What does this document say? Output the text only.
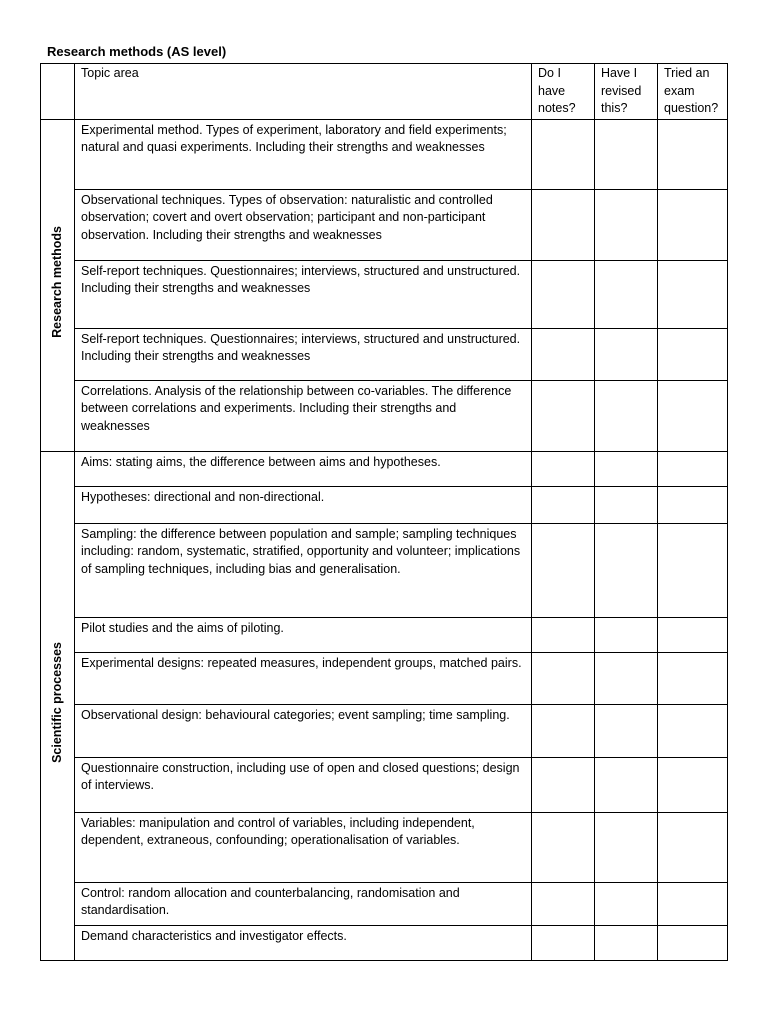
Research methods (AS level)
	Topic area	Do I have notes?	Have I revised this?	Tried an exam question?
Research methods	Experimental method. Types of experiment, laboratory and field experiments; natural and quasi experiments. Including their strengths and weaknesses			
	Observational techniques. Types of observation: naturalistic and controlled observation; covert and overt observation; participant and non-participant observation. Including their strengths and weaknesses			
	Self-report techniques. Questionnaires; interviews, structured and unstructured. Including their strengths and weaknesses			
	Self-report techniques. Questionnaires; interviews, structured and unstructured. Including their strengths and weaknesses			
	Correlations. Analysis of the relationship between co-variables. The difference between correlations and experiments. Including their strengths and weaknesses			
Scientific processes	Aims: stating aims, the difference between aims and hypotheses.			
	Hypotheses: directional and non-directional.			
	Sampling: the difference between population and sample; sampling techniques including: random, systematic, stratified, opportunity and volunteer; implications of sampling techniques, including bias and generalisation.			
	Pilot studies and the aims of piloting.			
	Experimental designs: repeated measures, independent groups, matched pairs.			
	Observational design: behavioural categories; event sampling; time sampling.			
	Questionnaire construction, including use of open and closed questions; design of interviews.			
	Variables: manipulation and control of variables, including independent, dependent, extraneous, confounding; operationalisation of variables.			
	Control: random allocation and counterbalancing, randomisation and standardisation.			
	Demand characteristics and investigator effects.			
